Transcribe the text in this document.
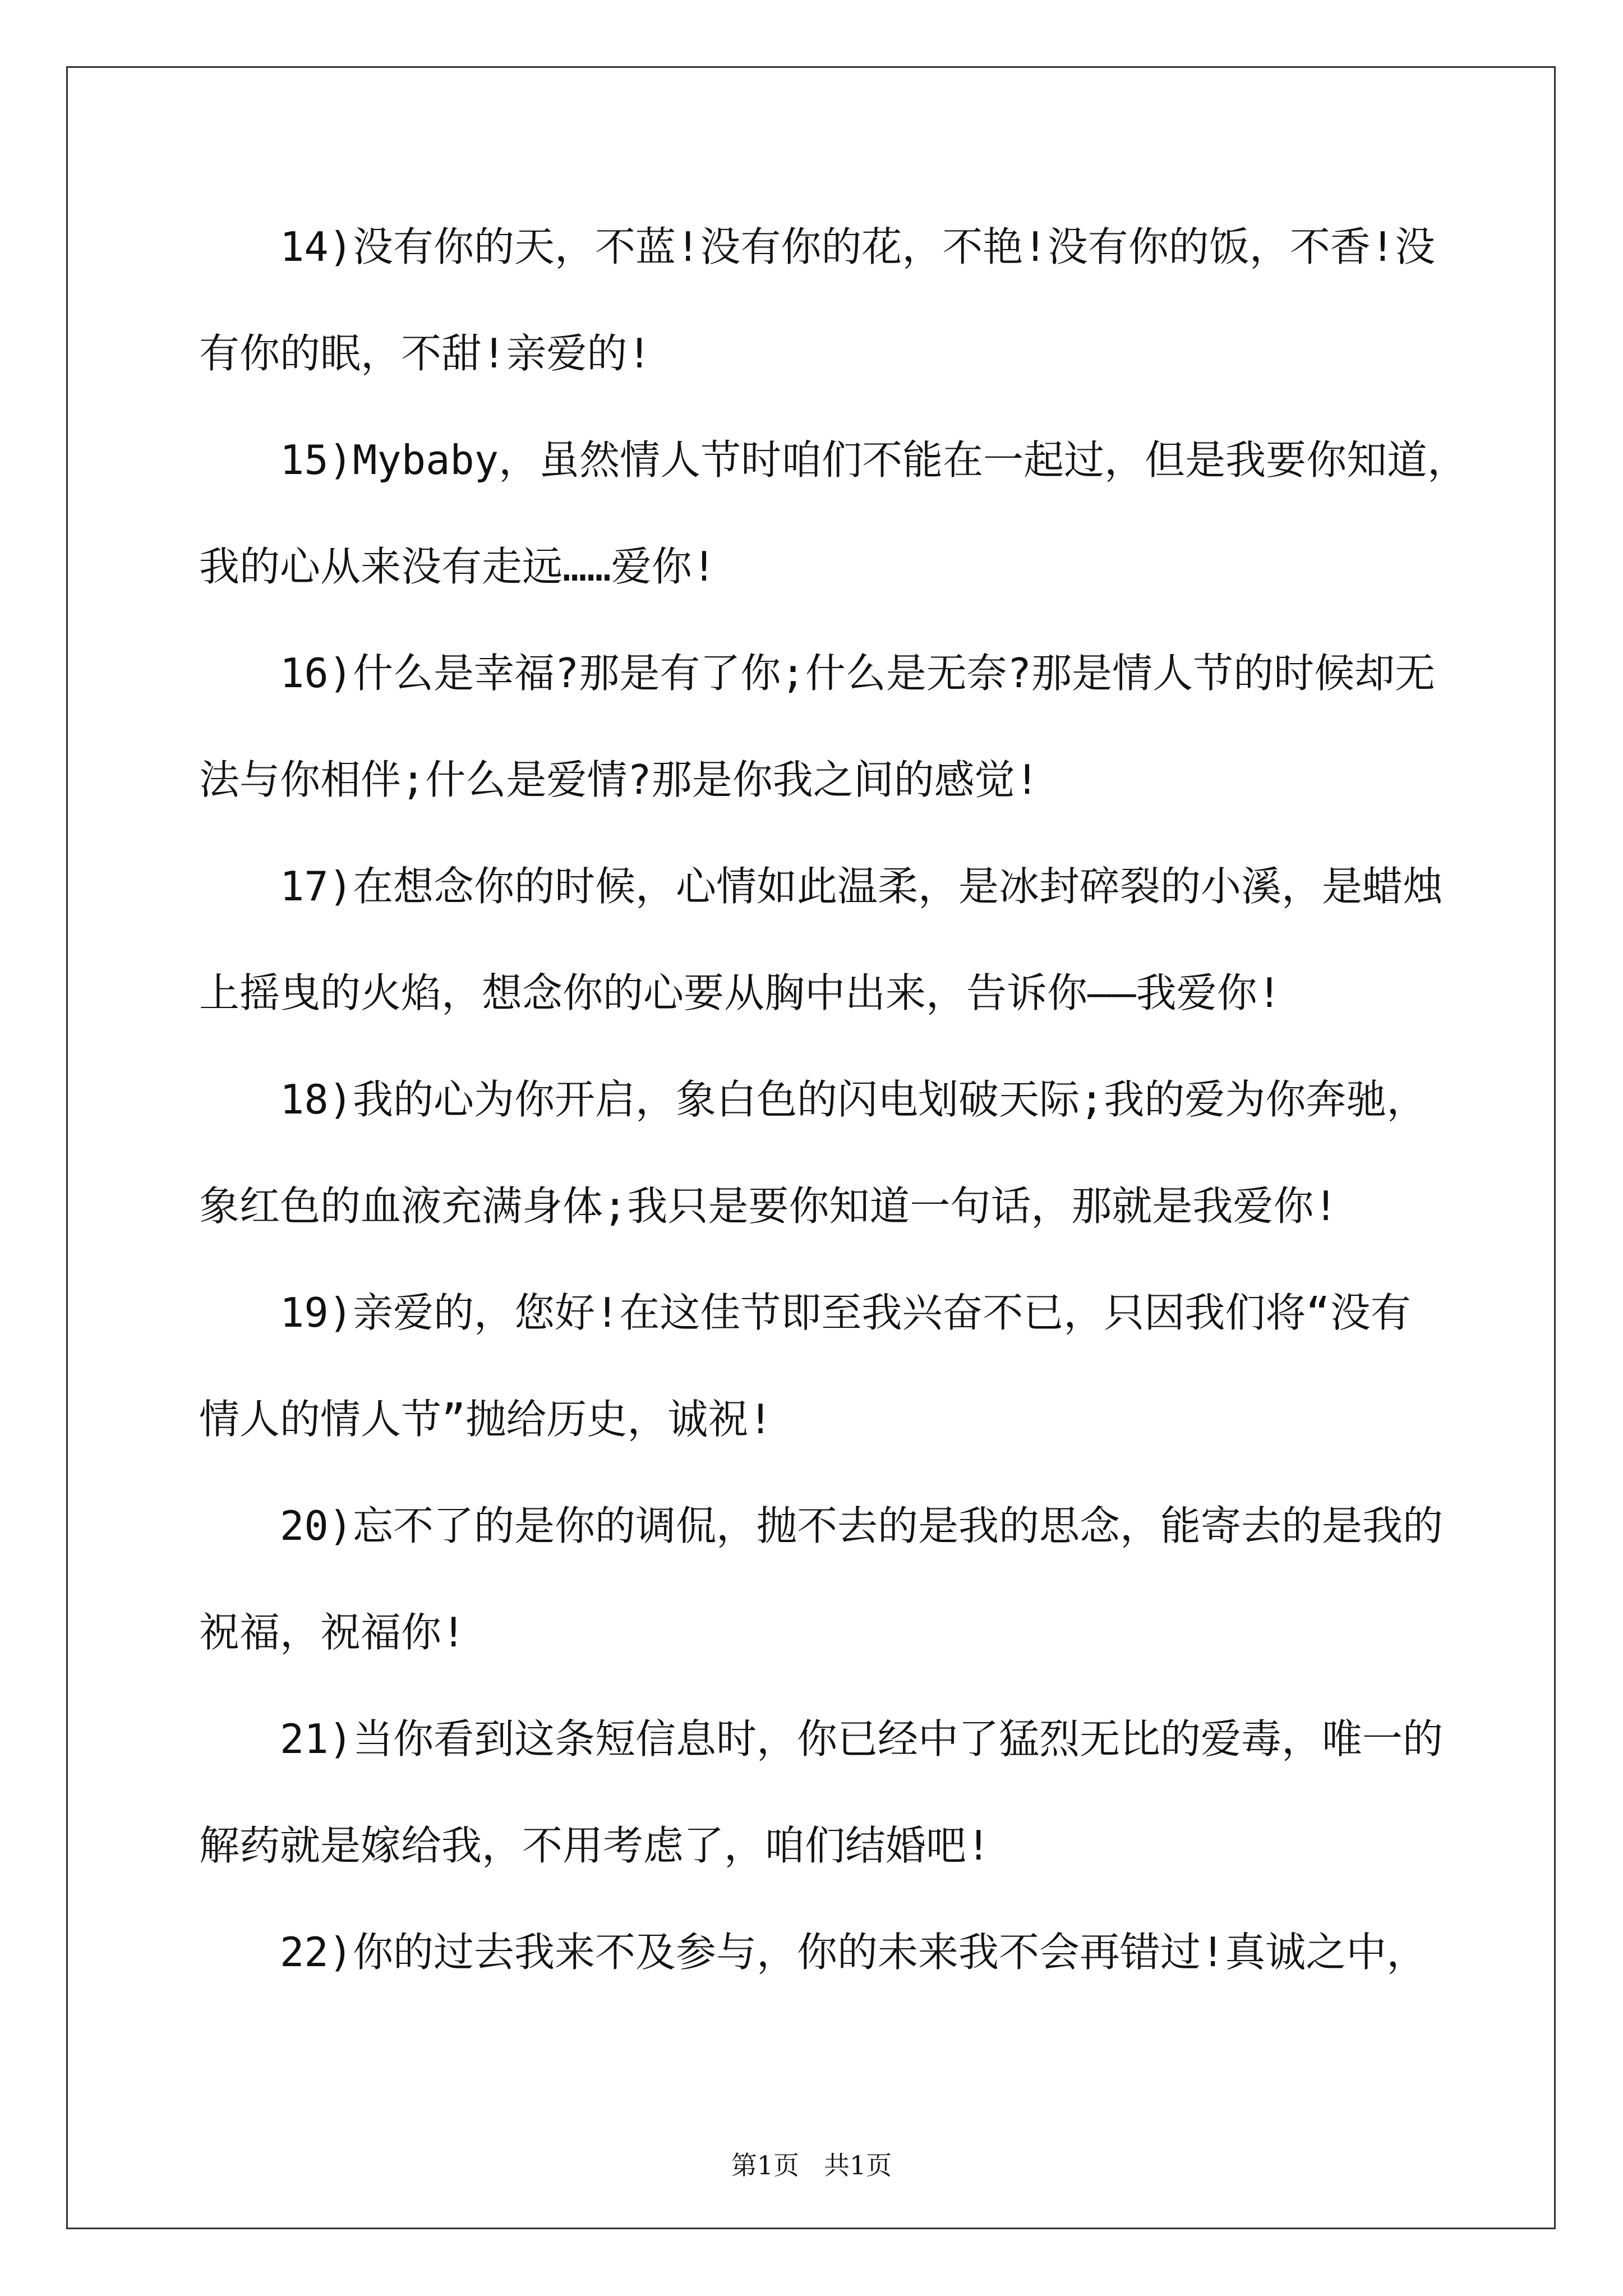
14)没有你的天，不蓝!没有你的花，不艳!没有你的饭，不香!没
有你的眠，不甜!亲爱的!
15)Mybaby，虽然情人节时咱们不能在一起过，但是我要你知道，
我的心从来没有走远……爱你!
16)什么是幸福?那是有了你;什么是无奈?那是情人节的时候却无
法与你相伴;什么是爱情?那是你我之间的感觉!
17)在想念你的时候，心情如此温柔，是冰封碎裂的小溪，是蜡烛
上摇曳的火焰，想念你的心要从胸中出来，告诉你——我爱你!
18)我的心为你开启，象白色的闪电划破天际;我的爱为你奔驰，
象红色的血液充满身体;我只是要你知道一句话，那就是我爱你!
19)亲爱的，您好!在这佳节即至我兴奋不已，只因我们将“没有
情人的情人节”抛给历史，诚祝!
20)忘不了的是你的调侃，抛不去的是我的思念，能寄去的是我的
祝福，祝福你!
21)当你看到这条短信息时，你已经中了猛烈无比的爱毒，唯一的
解药就是嫁给我，不用考虑了，咱们结婚吧!
22)你的过去我来不及参与，你的未来我不会再错过!真诚之中，
第1页 共1页
